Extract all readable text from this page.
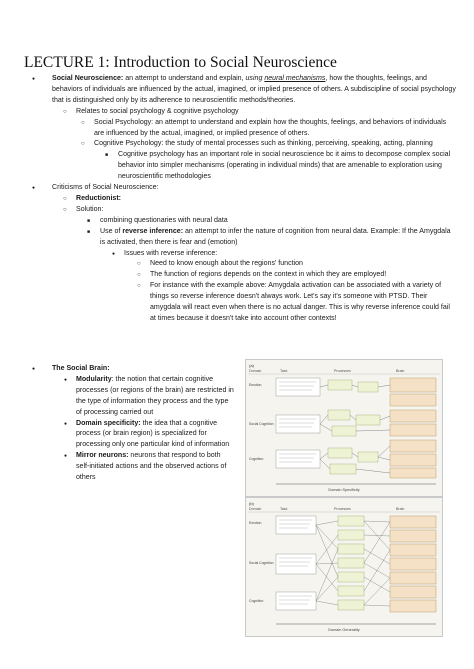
LECTURE 1: Introduction to Social Neuroscience
● Social Neuroscience: an attempt to understand and explain, using neural mechanisms, how the thoughts, feelings, and behaviors of individuals are influenced by the actual, imagined, or implied presence of others. A subdiscipline of social psychology that is distinguished only by its adherence to neuroscientific methods/theories.
○ Relates to social psychology & cognitive psychology
○ Social Psychology: an attempt to understand and explain how the thoughts, feelings, and behaviors of individuals are influenced by the actual, imagined, or implied presence of others.
○ Cognitive Psychology: the study of mental processes such as thinking, perceiving, speaking, acting, planning
■ Cognitive psychology has an important role in social neuroscience bc it aims to decompose complex social behavior into simpler mechanisms (operating in individual minds) that are amenable to exploration using neuroscientific methodologies
● Criticisms of Social Neuroscience:
○ Reductionist:
○ Solution:
■ combining questionaries with neural data
■ Use of reverse inference: an attempt to infer the nature of cognition from neural data. Example: If the Amygdala is activated, then there is fear and (emotion)
● Issues with reverse inference:
○ Need to know enough about the regions' function
○ The function of regions depends on the context in which they are employed!
○ For instance with the example above: Amygdala activation can be associated with a variety of things so reverse inference doesn't always work. Let's say it's someone with PTSD. Their amygdala will react even when there is no actual danger. This is why reverse inference could fail at times because it doesn't take into account other contexts!
● The Social Brain:
● Modularity: the notion that certain cognitive processes (or regions of the brain) are restricted in the type of information they process and the type of processing carried out
● Domain specificity: the idea that a cognitive process (or brain region) is specialized for processing only one particular kind of information
● Mirror neurons: neurons that respond to both self-initiated actions and the observed actions of others
(a)
Domain	Task	Processes	Brain
Emotion
Social Cognition
Cognition
Domain Specificity
(b)
Domain	Task	Processes	Brain
Emotion
Social Cognition
Cognition
Domain Generality
